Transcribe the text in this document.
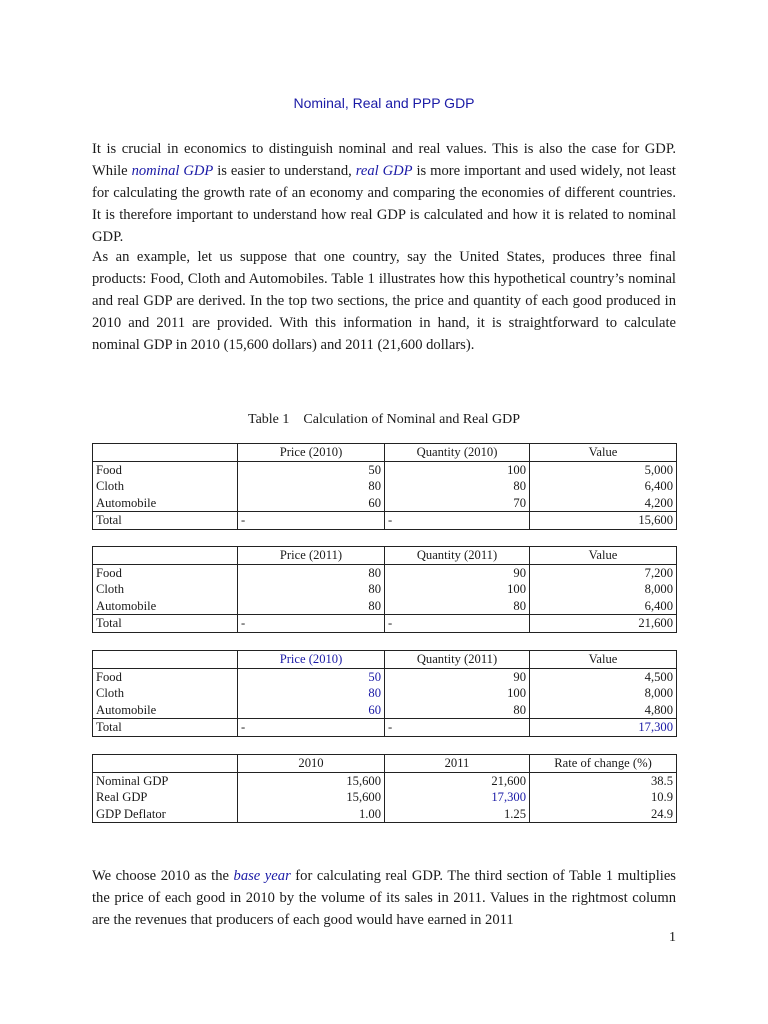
Nominal, Real and PPP GDP

It is crucial in economics to distinguish nominal and real values. This is also the case for GDP. While nominal GDP is easier to understand, real GDP is more important and used widely, not least for calculating the growth rate of an economy and comparing the economies of different countries. It is therefore important to understand how real GDP is calculated and how it is related to nominal GDP.

As an example, let us suppose that one country, say the United States, produces three final products: Food, Cloth and Automobiles. Table 1 illustrates how this hypothetical country’s nominal and real GDP are derived. In the top two sections, the price and quantity of each good produced in 2010 and 2011 are provided. With this information in hand, it is straightforward to calculate nominal GDP in 2010 (15,600 dollars) and 2011 (21,600 dollars).

Table 1 Calculation of Nominal and Real GDP
	Price (2010)	Quantity (2010)	Value
Food	50	100	5,000
Cloth	80	80	6,400
Automobile	60	70	4,200
Total	-	-	15,600
	Price (2011)	Quantity (2011)	Value
Food	80	90	7,200
Cloth	80	100	8,000
Automobile	80	80	6,400
Total	-	-	21,600
	Price (2010)	Quantity (2011)	Value
Food	50	90	4,500
Cloth	80	100	8,000
Automobile	60	80	4,800
Total	-	-	17,300
	2010	2011	Rate of change (%)
Nominal GDP	15,600	21,600	38.5
Real GDP	15,600	17,300	10.9
GDP Deflator	1.00	1.25	24.9

We choose 2010 as the base year for calculating real GDP. The third section of Table 1 multiplies the price of each good in 2010 by the volume of its sales in 2011. Values in the rightmost column are the revenues that producers of each good would have earned in 2011

1
